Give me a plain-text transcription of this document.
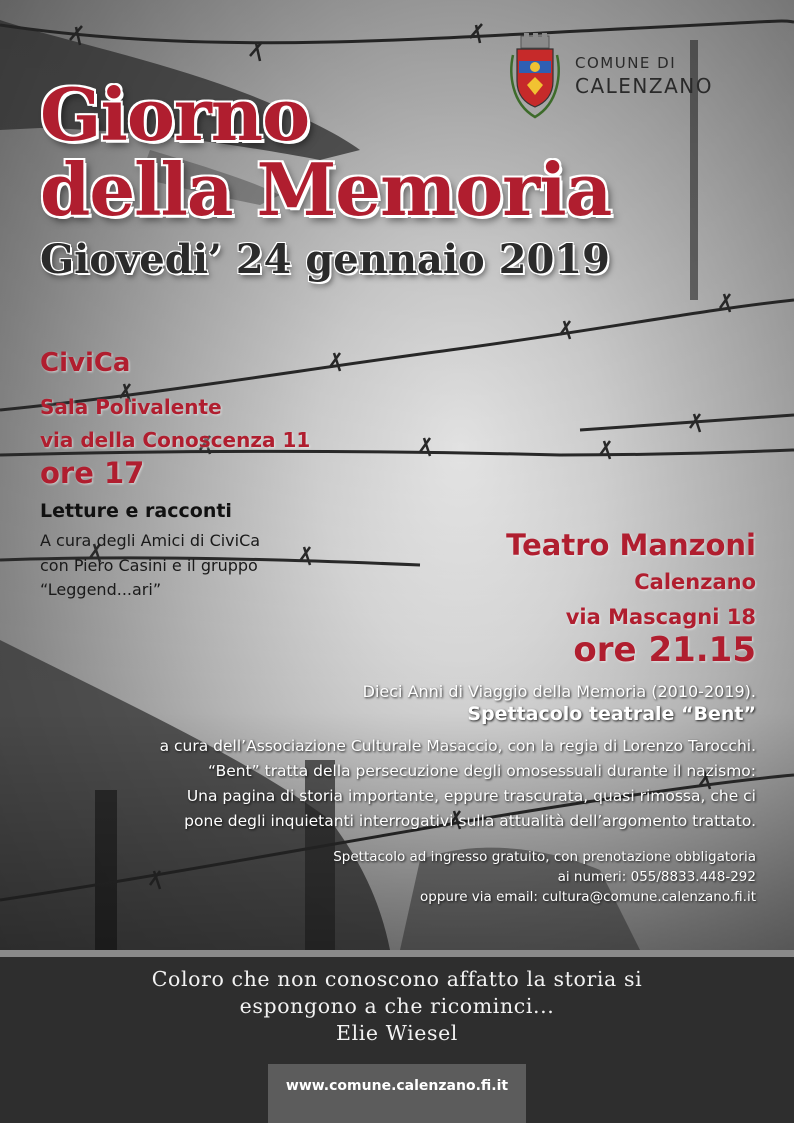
Giorno
della Memoria
Giovedi’ 24 gennaio 2019
COMUNE DI
CALENZANO
CiviCa
Sala Polivalente
via della Conoscenza 11
ore 17
Letture e racconti
A cura degli Amici di CiviCa
con Piero Casini e il gruppo
“Leggend...ari”
Teatro Manzoni
Calenzano
via Mascagni 18
ore 21.15
Dieci Anni di Viaggio della Memoria (2010-2019).
Spettacolo teatrale “Bent”
a cura dell’Associazione Culturale Masaccio, con la regia di Lorenzo Tarocchi.
“Bent” tratta della persecuzione degli omosessuali durante il nazismo:
Una pagina di storia importante, eppure trascurata, quasi rimossa, che ci
pone degli inquietanti interrogativi sulla attualità dell’argomento trattato.
Spettacolo ad ingresso gratuito, con prenotazione obbligatoria
ai numeri: 055/8833.448-292
oppure via email: cultura@comune.calenzano.fi.it
Coloro che non conoscono affatto la storia si
espongono a che ricominci...
Elie Wiesel
www.comune.calenzano.fi.it
